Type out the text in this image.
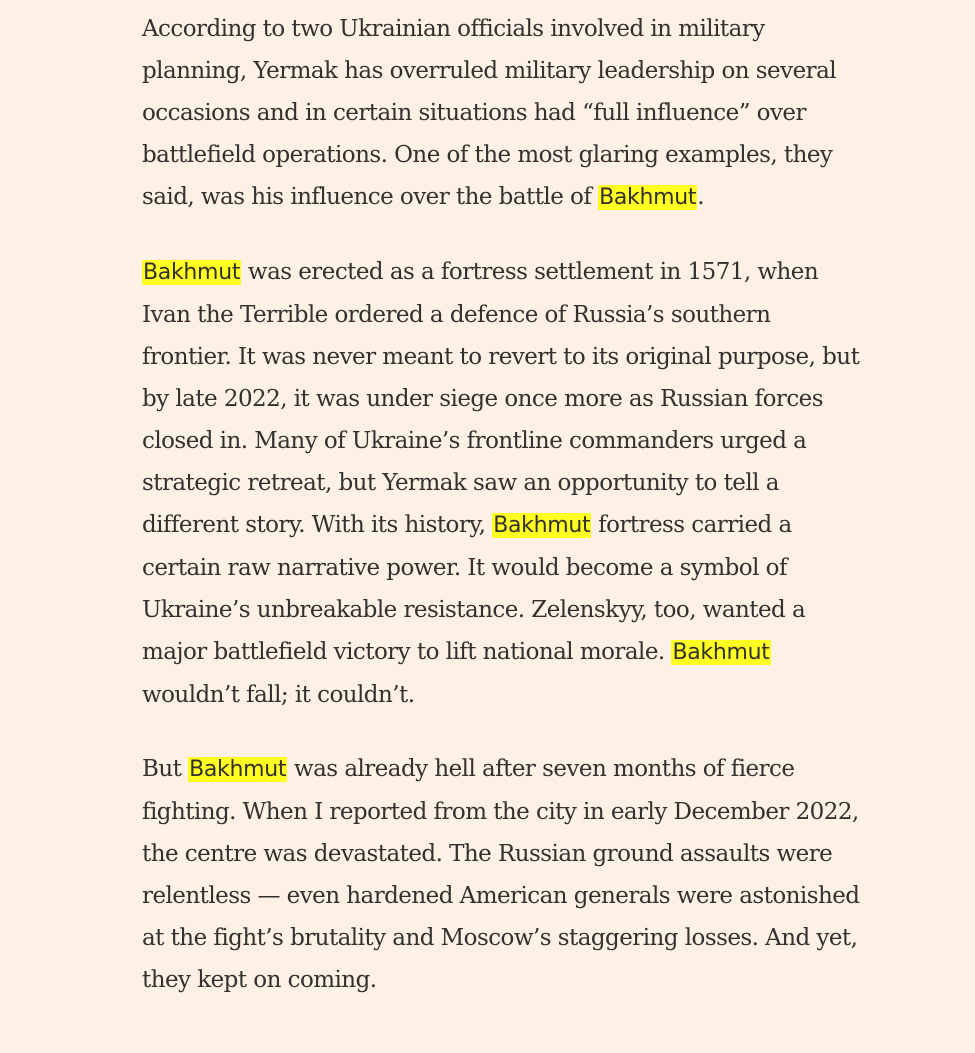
According to two Ukrainian officials involved in military planning, Yermak has overruled military leadership on several occasions and in certain situations had “full influence” over battlefield operations. One of the most glaring examples, they said, was his influence over the battle of Bakhmut.

Bakhmut was erected as a fortress settlement in 1571, when Ivan the Terrible ordered a defence of Russia’s southern frontier. It was never meant to revert to its original purpose, but by late 2022, it was under siege once more as Russian forces closed in. Many of Ukraine’s frontline commanders urged a strategic retreat, but Yermak saw an opportunity to tell a different story. With its history, Bakhmut fortress carried a certain raw narrative power. It would become a symbol of Ukraine’s unbreakable resistance. Zelenskyy, too, wanted a major battlefield victory to lift national morale. Bakhmut wouldn’t fall; it couldn’t.

But Bakhmut was already hell after seven months of fierce fighting. When I reported from the city in early December 2022, the centre was devastated. The Russian ground assaults were relentless — even hardened American generals were astonished at the fight’s brutality and Moscow’s staggering losses. And yet, they kept on coming.
